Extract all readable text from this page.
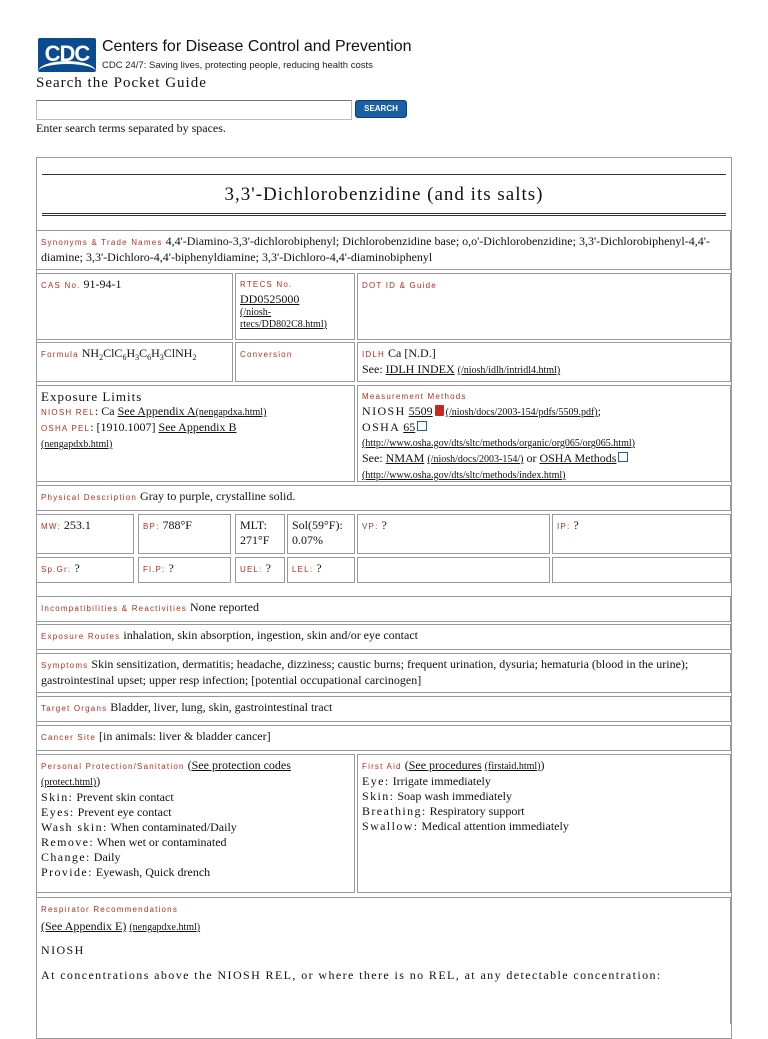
CDC Centers for Disease Control and Prevention
CDC 24/7: Saving lives, protecting people, reducing health costs
Search the Pocket Guide
SEARCH
Enter search terms separated by spaces.
3,3'-Dichlorobenzidine (and its salts)
Synonyms & Trade Names 4,4'-Diamino-3,3'-dichlorobiphenyl; Dichlorobenzidine base; o,o'-Dichlorobenzidine; 3,3'-Dichlorobiphenyl-4,4'-diamine; 3,3'-Dichloro-4,4'-biphenyldiamine; 3,3'-Dichloro-4,4'-diaminobiphenyl
CAS No. 91-94-1	RTECS No.
DD0525000
(/niosh-rtecs/DD802C8.html)
DOT ID & Guide
Formula $NH_2ClC_6H_3C_6H_3ClNH_2$	Conversion	IDLH Ca [N.D.]
See: IDLH INDEX (/niosh/idlh/intridl4.html)
Exposure Limits
NIOSH REL: Ca See Appendix A(nengapdxa.html)
OSHA PEL: [1910.1007] See Appendix B
(nengapdxb.html)
Measurement Methods
NIOSH 5509 (/niosh/docs/2003-154/pdfs/5509.pdf);
OSHA 65
(http://www.osha.gov/dts/sltc/methods/organic/org065/org065.html)
See: NMAM (/niosh/docs/2003-154/) or OSHA Methods
(http://www.osha.gov/dts/sltc/methods/index.html)
Physical Description Gray to purple, crystalline solid.
MW: 253.1	BP: 788°F	MLT:
271°F
Sol(59°F):
0.07%
VP: ?	IP: ?
Sp.Gr: ?	Fl.P: ?	UEL: ?	LEL: ?
Incompatibilities & Reactivities None reported
Exposure Routes inhalation, skin absorption, ingestion, skin and/or eye contact
Symptoms Skin sensitization, dermatitis; headache, dizziness; caustic burns; frequent urination, dysuria; hematuria (blood in the urine); gastrointestinal upset; upper resp infection; [potential occupational carcinogen]
Target Organs Bladder, liver, lung, skin, gastrointestinal tract
Cancer Site [in animals: liver & bladder cancer]
Personal Protection/Sanitation (See protection codes
(protect.html))
Skin: Prevent skin contact
Eyes: Prevent eye contact
Wash skin: When contaminated/Daily
Remove: When wet or contaminated
Change: Daily
Provide: Eyewash, Quick drench
First Aid (See procedures (firstaid.html))
Eye: Irrigate immediately
Skin: Soap wash immediately
Breathing: Respiratory support
Swallow: Medical attention immediately
Respirator Recommendations
(See Appendix E) (nengapdxe.html)
NIOSH
At concentrations above the NIOSH REL, or where there is no REL, at any detectable concentration:
